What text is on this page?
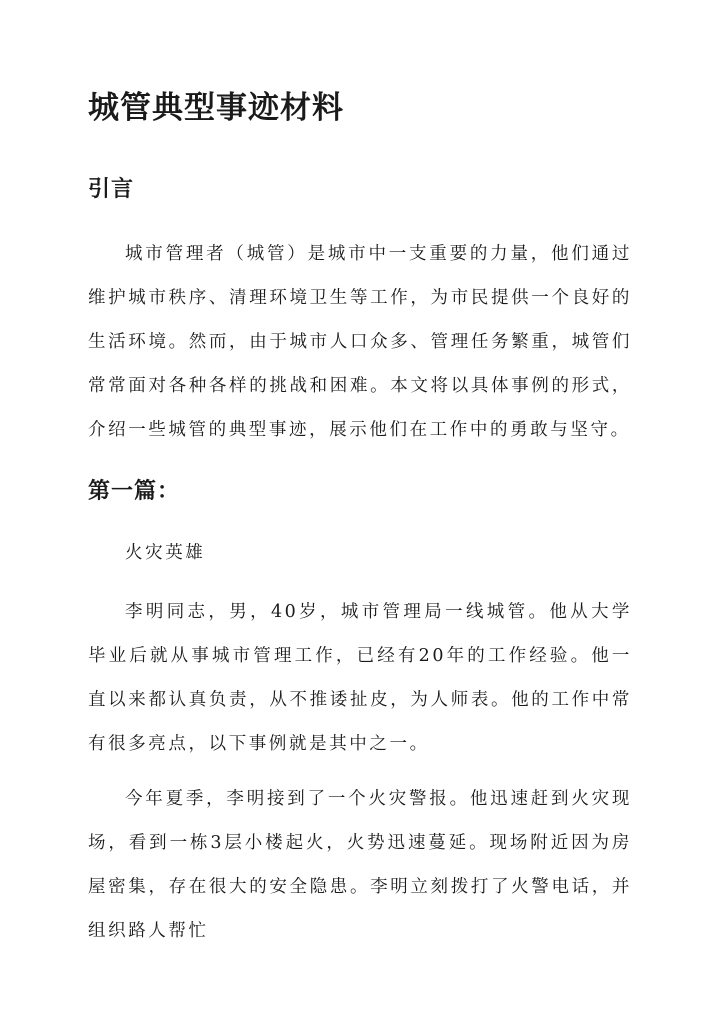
城管典型事迹材料
引言

城市管理者（城管）是城市中一支重要的力量，他们通过维护城市秩序、清理环境卫生等工作，为市民提供一个良好的生活环境。然而，由于城市人口众多、管理任务繁重，城管们常常面对各种各样的挑战和困难。本文将以具体事例的形式，介绍一些城管的典型事迹，展示他们在工作中的勇敢与坚守。

第一篇：

火灾英雄

李明同志，男，40岁，城市管理局一线城管。他从大学毕业后就从事城市管理工作，已经有20年的工作经验。他一直以来都认真负责，从不推诿扯皮，为人师表。他的工作中常有很多亮点，以下事例就是其中之一。

今年夏季，李明接到了一个火灾警报。他迅速赶到火灾现场，看到一栋3层小楼起火，火势迅速蔓延。现场附近因为房屋密集，存在很大的安全隐患。李明立刻拨打了火警电话，并组织路人帮忙
